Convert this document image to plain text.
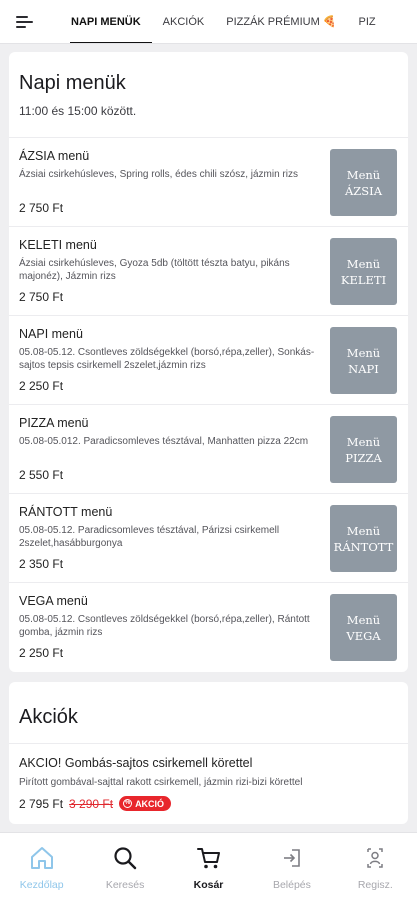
NAPI MENÜK	AKCIÓK	PIZZÁK PRÉMIUM 🍕	PIZ
Napi menük
11:00 és 15:00 között.
ÁZSIA menü
Ázsiai csirkehúsleves, Spring rolls, édes chili szósz, jázmin rizs
2 750 Ft
Menü
ÁZSIA
KELETI menü
Ázsiai csirkehúsleves, Gyoza 5db (töltött tészta batyu, pikáns majonéz), Jázmin rizs
2 750 Ft
Menü
KELETI
NAPI menü
05.08-05.12. Csontleves zöldségekkel (borsó,répa,zeller), Sonkás-sajtos tepsis csirkemell 2szelet,jázmin rizs
2 250 Ft
Menü
NAPI
PIZZA menü
05.08-05.012. Paradicsomleves tésztával, Manhatten pizza 22cm
2 550 Ft
Menü
PIZZA
RÁNTOTT menü
05.08-05.12. Paradicsomleves tésztával, Párizsi csirkemell 2szelet,hasábburgonya
2 350 Ft
Menü
RÁNTOTT
VEGA menü
05.08-05.12. Csontleves zöldségekkel (borsó,répa,zeller), Rántott gomba, jázmin rizs
2 250 Ft
Menü
VEGA
Akciók
AKCIO! Gombás-sajtos csirkemell körettel
Pirított gombával-sajttal rakott csirkemell, jázmin rizi-bizi körettel
2 795 Ft 3 290 Ft	% AKCIÓ
Kezdőlap	Keresés	Kosár	Belépés	Regisz.
